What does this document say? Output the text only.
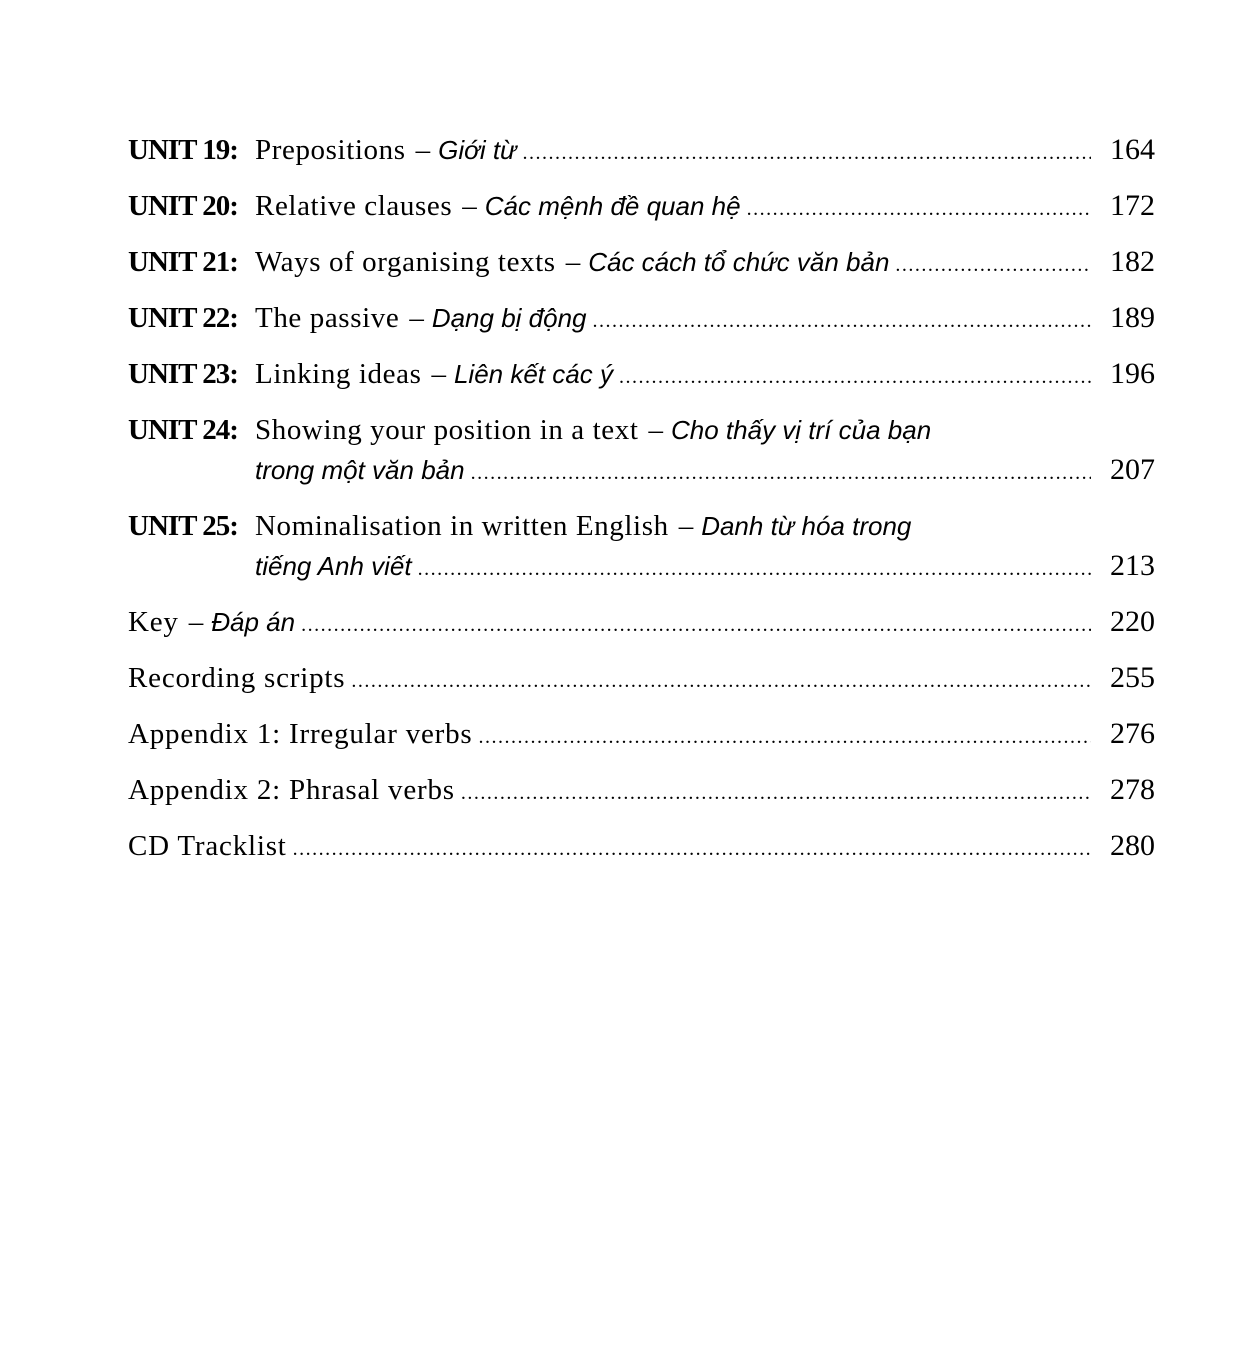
UNIT 19: Prepositions – Giới từ .....	164
UNIT 20: Relative clauses – Các mệnh đề quan hệ .....	172
UNIT 21: Ways of organising texts – Các cách tổ chức văn bản .....	182
UNIT 22: The passive – Dạng bị động .....	189
UNIT 23: Linking ideas – Liên kết các ý .....	196
UNIT 24: Showing your position in a text – Cho thấy vị trí của bạn
trong một văn bản .....	207
UNIT 25: Nominalisation in written English – Danh từ hóa trong
tiếng Anh viết .....	213
Key – Đáp án .....	220
Recording scripts .....	255
Appendix 1: Irregular verbs .....	276
Appendix 2: Phrasal verbs .....	278
CD Tracklist .....	280
